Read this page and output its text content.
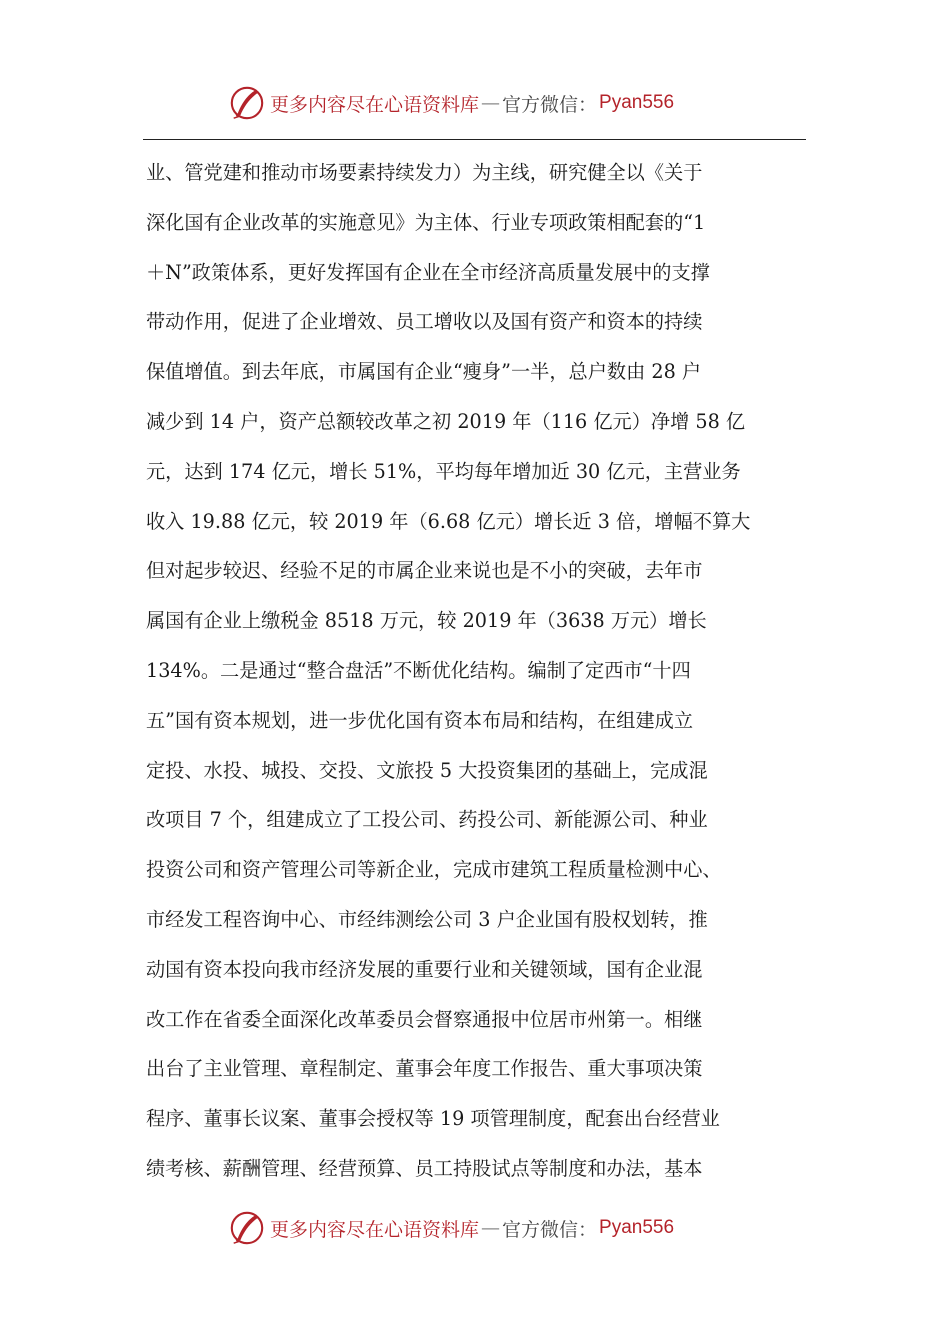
更多内容尽在心语资料库 — 官方微信： Pyan556
业、管党建和推动市场要素持续发力）为主线，研究健全以《关于
深化国有企业改革的实施意见》为主体、行业专项政策相配套的“1
＋N”政策体系，更好发挥国有企业在全市经济高质量发展中的支撑
带动作用，促进了企业增效、员工增收以及国有资产和资本的持续
保值增值。到去年底，市属国有企业“瘦身”一半，总户数由 28 户
减少到 14 户，资产总额较改革之初 2019 年（116 亿元）净增 58 亿
元，达到 174 亿元，增长 51%，平均每年增加近 30 亿元，主营业务
收入 19.88 亿元，较 2019 年（6.68 亿元）增长近 3 倍，增幅不算大
但对起步较迟、经验不足的市属企业来说也是不小的突破，去年市
属国有企业上缴税金 8518 万元，较 2019 年（3638 万元）增长
134%。二是通过“整合盘活”不断优化结构。编制了定西市“十四
五”国有资本规划，进一步优化国有资本布局和结构，在组建成立
定投、水投、城投、交投、文旅投 5 大投资集团的基础上，完成混
改项目 7 个，组建成立了工投公司、药投公司、新能源公司、种业
投资公司和资产管理公司等新企业，完成市建筑工程质量检测中心、
市经发工程咨询中心、市经纬测绘公司 3 户企业国有股权划转，推
动国有资本投向我市经济发展的重要行业和关键领域，国有企业混
改工作在省委全面深化改革委员会督察通报中位居市州第一。相继
出台了主业管理、章程制定、董事会年度工作报告、重大事项决策
程序、董事长议案、董事会授权等 19 项管理制度，配套出台经营业
绩考核、薪酬管理、经营预算、员工持股试点等制度和办法，基本
更多内容尽在心语资料库 — 官方微信： Pyan556
